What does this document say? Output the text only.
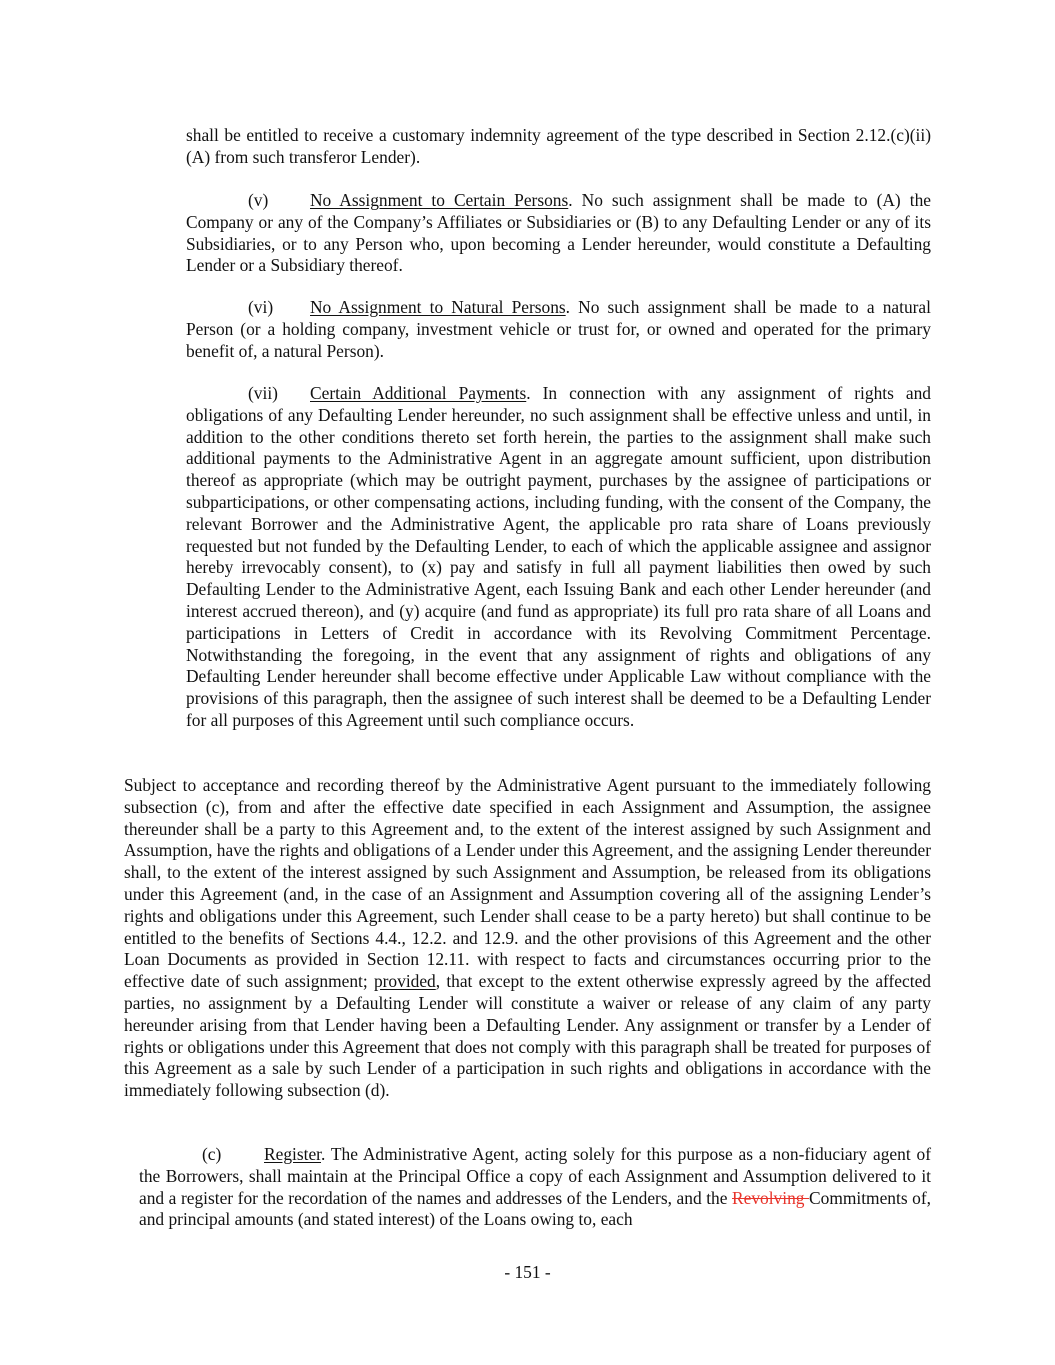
shall be entitled to receive a customary indemnity agreement of the type described in Section 2.12.(c)(ii)(A) from such transferor Lender).

(v) No Assignment to Certain Persons. No such assignment shall be made to (A) the Company or any of the Company’s Affiliates or Subsidiaries or (B) to any Defaulting Lender or any of its Subsidiaries, or to any Person who, upon becoming a Lender hereunder, would constitute a Defaulting Lender or a Subsidiary thereof.

(vi) No Assignment to Natural Persons. No such assignment shall be made to a natural Person (or a holding company, investment vehicle or trust for, or owned and operated for the primary benefit of, a natural Person).

(vii) Certain Additional Payments. In connection with any assignment of rights and obligations of any Defaulting Lender hereunder, no such assignment shall be effective unless and until, in addition to the other conditions thereto set forth herein, the parties to the assignment shall make such additional payments to the Administrative Agent in an aggregate amount sufficient, upon distribution thereof as appropriate (which may be outright payment, purchases by the assignee of participations or subparticipations, or other compensating actions, including funding, with the consent of the Company, the relevant Borrower and the Administrative Agent, the applicable pro rata share of Loans previously requested but not funded by the Defaulting Lender, to each of which the applicable assignee and assignor hereby irrevocably consent), to (x) pay and satisfy in full all payment liabilities then owed by such Defaulting Lender to the Administrative Agent, each Issuing Bank and each other Lender hereunder (and interest accrued thereon), and (y) acquire (and fund as appropriate) its full pro rata share of all Loans and participations in Letters of Credit in accordance with its Revolving Commitment Percentage. Notwithstanding the foregoing, in the event that any assignment of rights and obligations of any Defaulting Lender hereunder shall become effective under Applicable Law without compliance with the provisions of this paragraph, then the assignee of such interest shall be deemed to be a Defaulting Lender for all purposes of this Agreement until such compliance occurs.

Subject to acceptance and recording thereof by the Administrative Agent pursuant to the immediately following subsection (c), from and after the effective date specified in each Assignment and Assumption, the assignee thereunder shall be a party to this Agreement and, to the extent of the interest assigned by such Assignment and Assumption, have the rights and obligations of a Lender under this Agreement, and the assigning Lender thereunder shall, to the extent of the interest assigned by such Assignment and Assumption, be released from its obligations under this Agreement (and, in the case of an Assignment and Assumption covering all of the assigning Lender’s rights and obligations under this Agreement, such Lender shall cease to be a party hereto) but shall continue to be entitled to the benefits of Sections 4.4., 12.2. and 12.9. and the other provisions of this Agreement and the other Loan Documents as provided in Section 12.11. with respect to facts and circumstances occurring prior to the effective date of such assignment; provided, that except to the extent otherwise expressly agreed by the affected parties, no assignment by a Defaulting Lender will constitute a waiver or release of any claim of any party hereunder arising from that Lender having been a Defaulting Lender. Any assignment or transfer by a Lender of rights or obligations under this Agreement that does not comply with this paragraph shall be treated for purposes of this Agreement as a sale by such Lender of a participation in such rights and obligations in accordance with the immediately following subsection (d).

(c) Register. The Administrative Agent, acting solely for this purpose as a non-fiduciary agent of the Borrowers, shall maintain at the Principal Office a copy of each Assignment and Assumption delivered to it and a register for the recordation of the names and addresses of the Lenders, and the Revolving Commitments of, and principal amounts (and stated interest) of the Loans owing to, each

- 151 -
